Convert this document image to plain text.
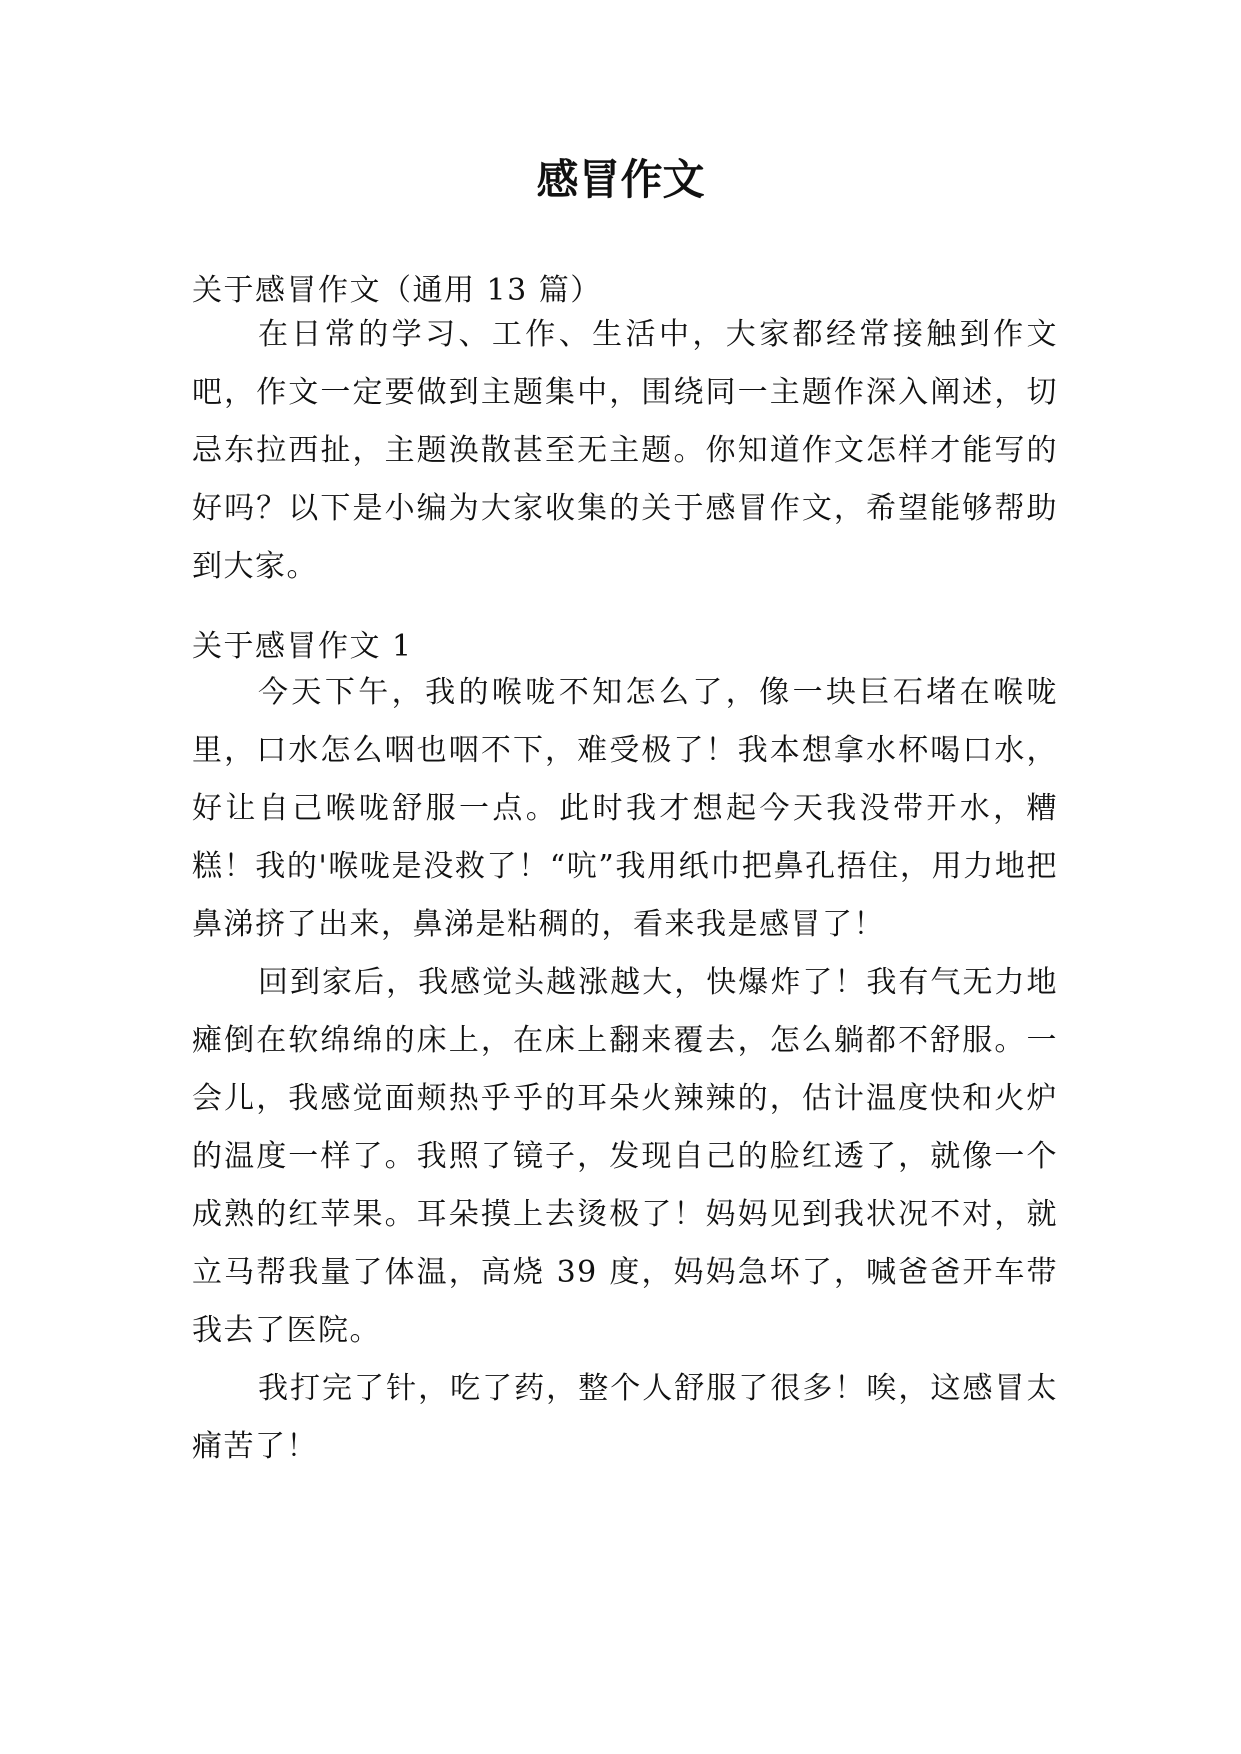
感冒作文

关于感冒作文（通用 13 篇）

在日常的学习、工作、生活中，大家都经常接触到作文吧，作文一定要做到主题集中，围绕同一主题作深入阐述，切忌东拉西扯，主题涣散甚至无主题。你知道作文怎样才能写的好吗？以下是小编为大家收集的关于感冒作文，希望能够帮助到大家。

关于感冒作文 1

今天下午，我的喉咙不知怎么了，像一块巨石堵在喉咙里，口水怎么咽也咽不下，难受极了！我本想拿水杯喝口水，好让自己喉咙舒服一点。此时我才想起今天我没带开水，糟糕！我的'喉咙是没救了！“吭”我用纸巾把鼻孔捂住，用力地把鼻涕挤了出来，鼻涕是粘稠的，看来我是感冒了！

回到家后，我感觉头越涨越大，快爆炸了！我有气无力地瘫倒在软绵绵的床上，在床上翻来覆去，怎么躺都不舒服。一会儿，我感觉面颊热乎乎的耳朵火辣辣的，估计温度快和火炉的温度一样了。我照了镜子，发现自己的脸红透了，就像一个成熟的红苹果。耳朵摸上去烫极了！妈妈见到我状况不对，就立马帮我量了体温，高烧 39 度，妈妈急坏了，喊爸爸开车带我去了医院。

我打完了针，吃了药，整个人舒服了很多！唉，这感冒太痛苦了！
